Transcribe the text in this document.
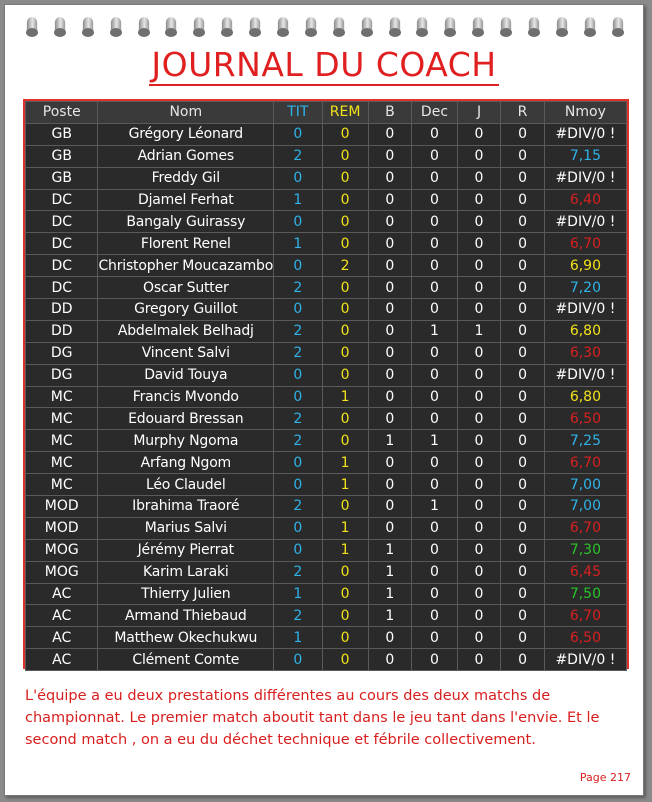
JOURNAL DU COACH
Poste	Nom	TIT	REM	B	Dec	J	R	Nmoy
GB	Grégory Léonard	0	0	0	0	0	0	#DIV/0 !
GB	Adrian Gomes	2	0	0	0	0	0	7,15
GB	Freddy Gil	0	0	0	0	0	0	#DIV/0 !
DC	Djamel Ferhat	1	0	0	0	0	0	6,40
DC	Bangaly Guirassy	0	0	0	0	0	0	#DIV/0 !
DC	Florent Renel	1	0	0	0	0	0	6,70
DC	Christopher Moucazambo	0	2	0	0	0	0	6,90
DC	Oscar Sutter	2	0	0	0	0	0	7,20
DD	Gregory Guillot	0	0	0	0	0	0	#DIV/0 !
DD	Abdelmalek Belhadj	2	0	0	1	1	0	6,80
DG	Vincent Salvi	2	0	0	0	0	0	6,30
DG	David Touya	0	0	0	0	0	0	#DIV/0 !
MC	Francis Mvondo	0	1	0	0	0	0	6,80
MC	Edouard Bressan	2	0	0	0	0	0	6,50
MC	Murphy Ngoma	2	0	1	1	0	0	7,25
MC	Arfang Ngom	0	1	0	0	0	0	6,70
MC	Léo Claudel	0	1	0	0	0	0	7,00
MOD	Ibrahima Traoré	2	0	0	1	0	0	7,00
MOD	Marius Salvi	0	1	0	0	0	0	6,70
MOG	Jérémy Pierrat	0	1	1	0	0	0	7,30
MOG	Karim Laraki	2	0	1	0	0	0	6,45
AC	Thierry Julien	1	0	1	0	0	0	7,50
AC	Armand Thiebaud	2	0	1	0	0	0	6,70
AC	Matthew Okechukwu	1	0	0	0	0	0	6,50
AC	Clément Comte	0	0	0	0	0	0	#DIV/0 !
L'équipe a eu deux prestations différentes au cours des deux matchs de championnat. Le premier match aboutit tant dans le jeu tant dans l'envie. Et le second match , on a eu du déchet technique et fébrile collectivement.
Page 217
